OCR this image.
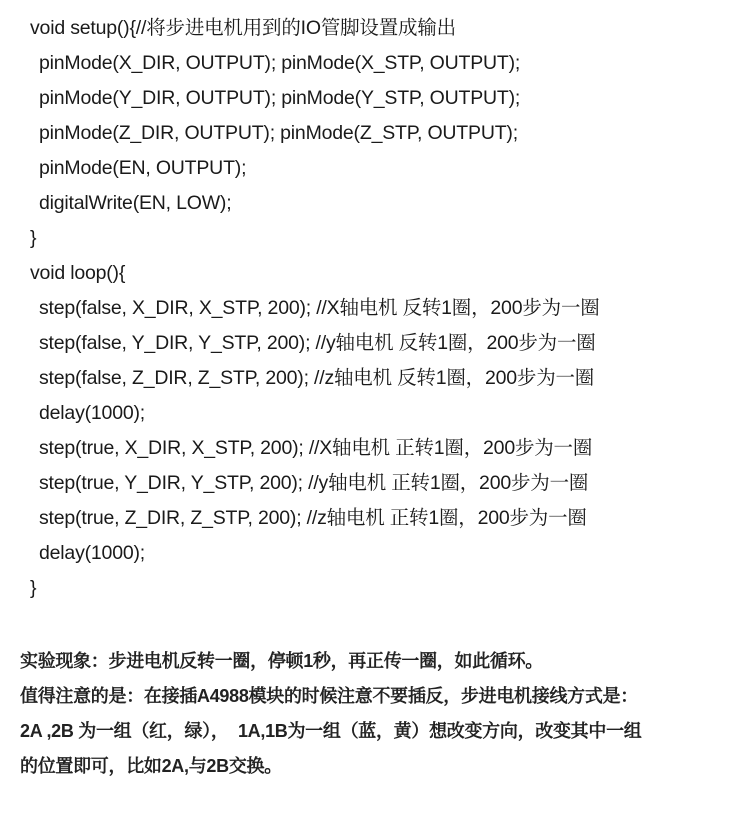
void setup(){//将步进电机用到的IO管脚设置成输出
pinMode(X_DIR, OUTPUT); pinMode(X_STP, OUTPUT);
pinMode(Y_DIR, OUTPUT); pinMode(Y_STP, OUTPUT);
pinMode(Z_DIR, OUTPUT); pinMode(Z_STP, OUTPUT);
pinMode(EN, OUTPUT);
digitalWrite(EN, LOW);
}
void loop(){
step(false, X_DIR, X_STP, 200); //X轴电机 反转1圈，200步为一圈
step(false, Y_DIR, Y_STP, 200); //y轴电机 反转1圈，200步为一圈
step(false, Z_DIR, Z_STP, 200); //z轴电机 反转1圈，200步为一圈
delay(1000);
step(true, X_DIR, X_STP, 200); //X轴电机 正转1圈，200步为一圈
step(true, Y_DIR, Y_STP, 200); //y轴电机 正转1圈，200步为一圈
step(true, Z_DIR, Z_STP, 200); //z轴电机 正转1圈，200步为一圈
delay(1000);
}
实验现象：步进电机反转一圈，停顿1秒，再正传一圈，如此循环。
值得注意的是：在接插A4988模块的时候注意不要插反，步进电机接线方式是：
2A ,2B 为一组（红，绿），  1A,1B为一组（蓝，黄）想改变方向，改变其中一组
的位置即可，比如2A,与2B交换。
